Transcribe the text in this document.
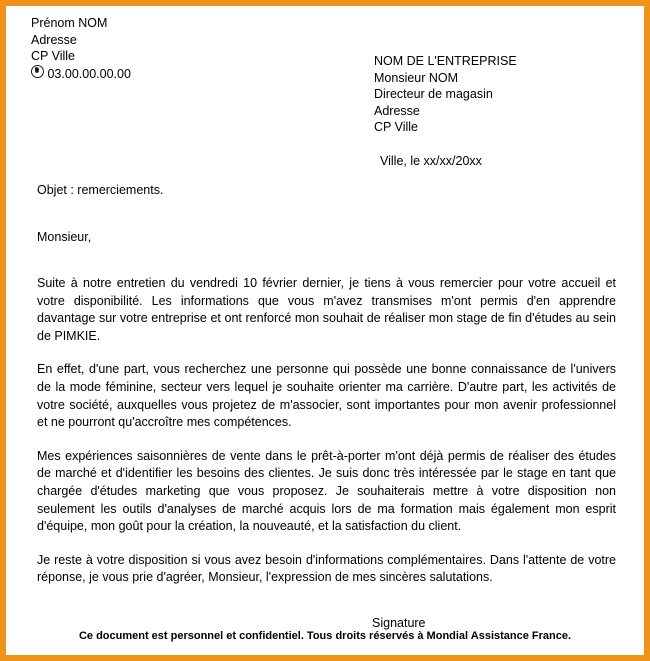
Prénom NOM
Adresse
CP Ville
03.00.00.00.00
NOM DE L'ENTREPRISE
Monsieur NOM
Directeur de magasin
Adresse
CP Ville
Ville, le xx/xx/20xx
Objet : remerciements.
Monsieur,

Suite à notre entretien du vendredi 10 février dernier, je tiens à vous remercier pour votre accueil et votre disponibilité. Les informations que vous m'avez transmises m'ont permis d'en apprendre davantage sur votre entreprise et ont renforcé mon souhait de réaliser mon stage de fin d'études au sein de PIMKIE.

En effet, d'une part, vous recherchez une personne qui possède une bonne connaissance de l'univers de la mode féminine, secteur vers lequel je souhaite orienter ma carrière. D'autre part, les activités de votre société, auxquelles vous projetez de m'associer, sont importantes pour mon avenir professionnel et ne pourront qu'accroître mes compétences.

Mes expériences saisonnières de vente dans le prêt-à-porter m'ont déjà permis de réaliser des études de marché et d'identifier les besoins des clientes. Je suis donc très intéressée par le stage en tant que chargée d'études marketing que vous proposez. Je souhaiterais mettre à votre disposition non seulement les outils d'analyses de marché acquis lors de ma formation mais également mon esprit d'équipe, mon goût pour la création, la nouveauté, et la satisfaction du client.

Je reste à votre disposition si vous avez besoin d'informations complémentaires. Dans l'attente de votre réponse, je vous prie d'agréer, Monsieur, l'expression de mes sincères salutations.

Signature
Ce document est personnel et confidentiel. Tous droits réservés à Mondial Assistance France.
